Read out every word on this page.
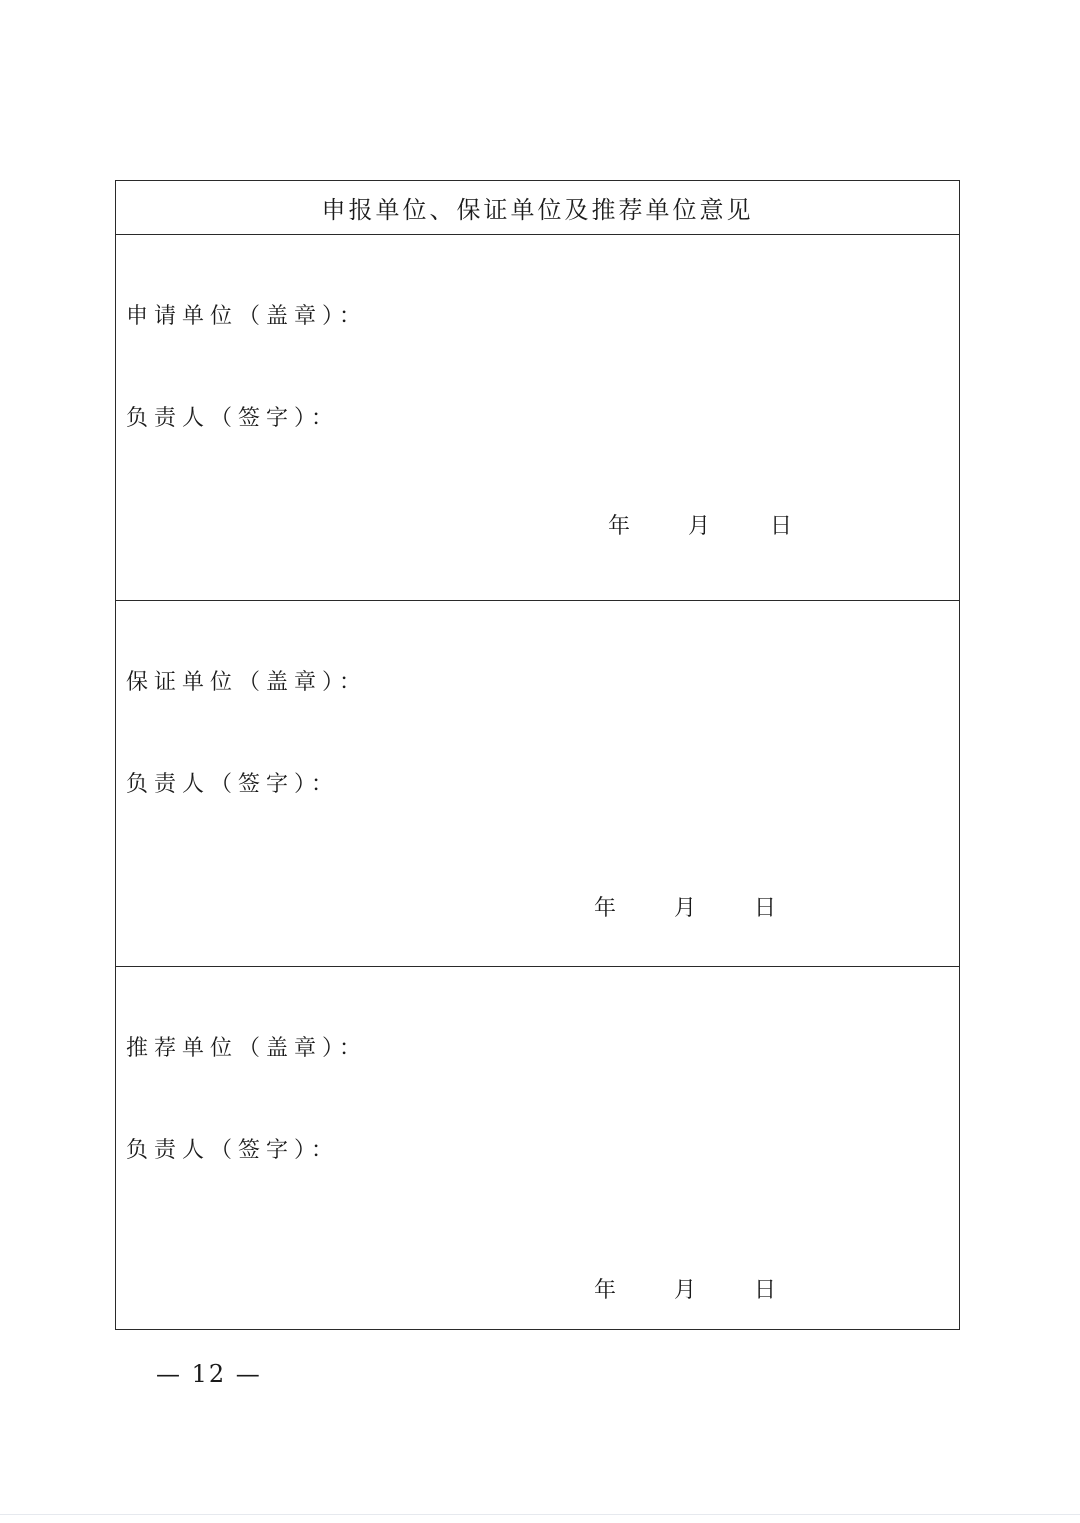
申报单位、保证单位及推荐单位意见
申请单位（盖章）：
负责人（签字）：
年	月	日
保证单位（盖章）：
负责人（签字）：
年	月	日
推荐单位（盖章）：
负责人（签字）：
年	月	日
— 12 —
